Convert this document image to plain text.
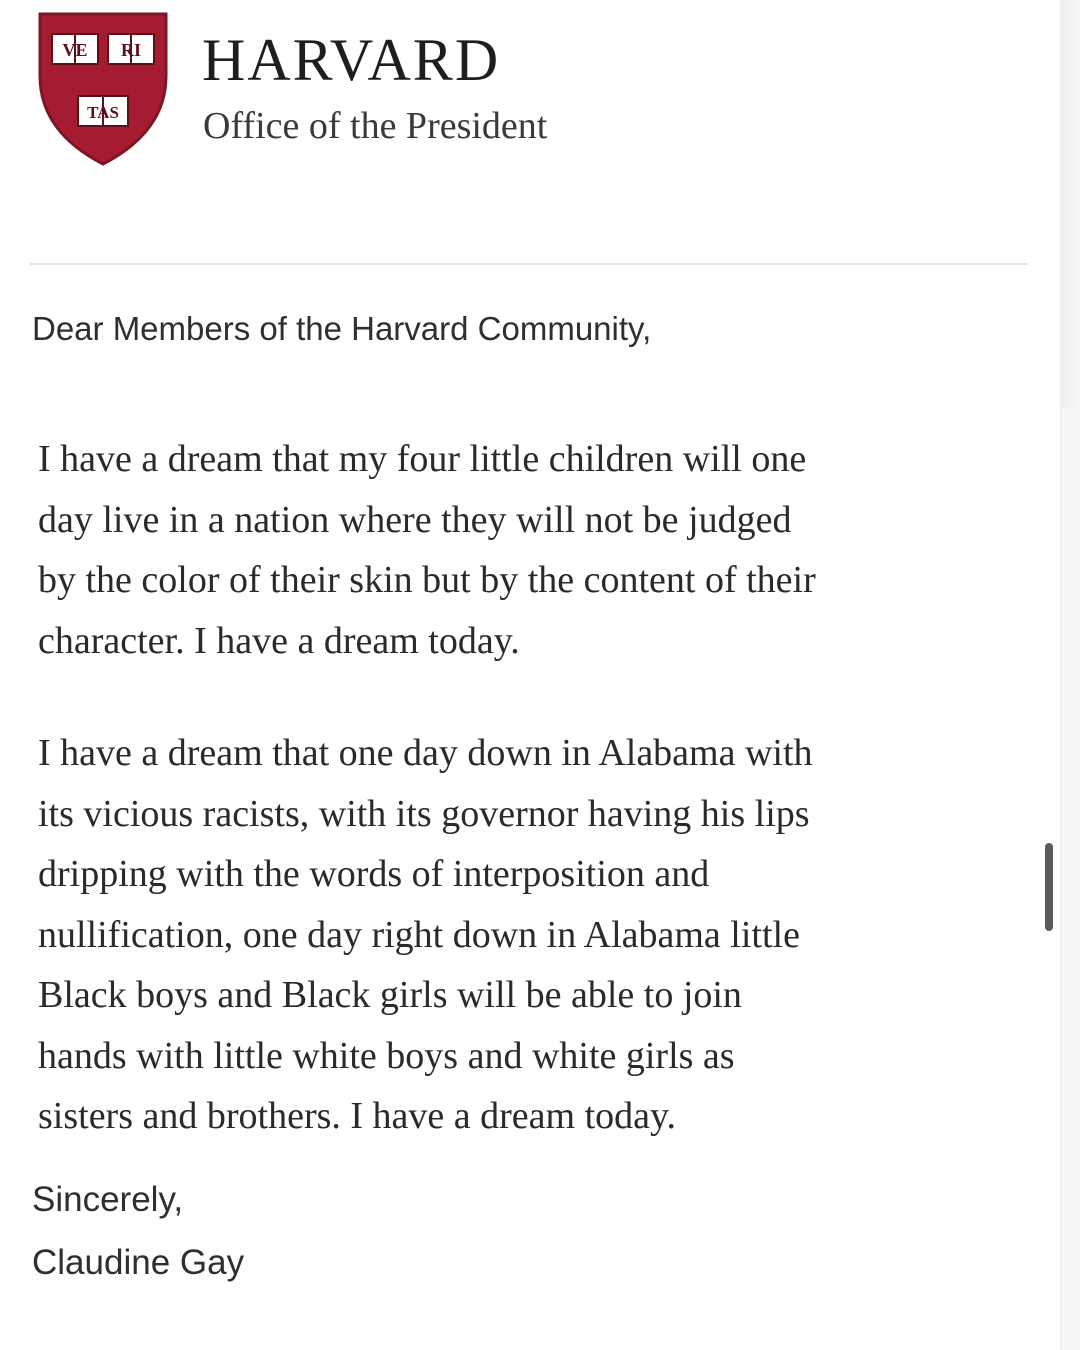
VE RI
TAS
HARVARD
Office of the President
Dear Members of the Harvard Community,

I have a dream that my four little children will one
day live in a nation where they will not be judged
by the color of their skin but by the content of their
character. I have a dream today.

I have a dream that one day down in Alabama with
its vicious racists, with its governor having his lips
dripping with the words of interposition and
nullification, one day right down in Alabama little
Black boys and Black girls will be able to join
hands with little white boys and white girls as
sisters and brothers. I have a dream today.

Sincerely,
Claudine Gay
